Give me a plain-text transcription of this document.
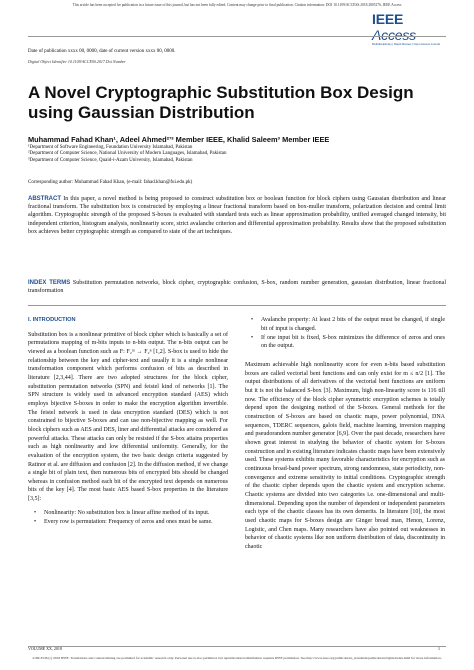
This article has been accepted for publication in a future issue of this journal, but has not been fully edited. Content may change prior to final publication. Citation information: DOI 10.1109/ACCESS.2018.2805176, IEEE Access
IEEE Access
Multidisciplinary | Rapid Review | Open Access Journal
Date of publication xxxx 00, 0000, date of current version xxxx 00, 0000.
Digital Object Identifier 10.1109/ACCESS.2017.Doi Number
A Novel Cryptographic Substitution Box Design using Gaussian Distribution
Muhammad Fahad Khan¹, Adeel Ahmed²ʼ³ Member IEEE, Khalid Saleem³ Member IEEE
¹Department of Software Engineering, Foundation University Islamabad, Pakistan
²Department of Computer Science, National University of Modern Languages, Islamabad, Pakistan
³Department of Computer Science, Quaid-i-Azam University, Islamabad, Pakistan
Corresponding author: Muhammad Fahad Khan, (e-mail: fahad.khan@fui.edu.pk)
ABSTRACT In this paper, a novel method is being proposed to construct substitution box or boolean function for block ciphers using Gaussian distribution and linear fractional transform. The substitution box is constructed by employing a linear fractional transform based on box-muller transform, polarization decision and central limit algorithm. Cryptographic strength of the proposed S-boxes is evaluated with standard tests such as linear approximation probability, unified averaged changed intensity, bit independent criterion, histogram analysis, nonlinearity score, strict avalanche criterion and differential approximation probability. Results show that the proposed substitution box achieves better cryptographic strength as compared to state of the art techniques.
INDEX TERMS Substitution permutation networks, block cipher, cryptographic confusion, S-box, random number generation, gaussian distribution, linear fractional transformation
I. INTRODUCTION

Substitution box is a nonlinear primitive of block cipher which is basically a set of permutations mapping of m-bits inputs to n-bits output. The n-bits output can be viewed as a boolean function such as F: F₂ᵐ → F₂ⁿ [1,2]. S-box is used to hide the relationship between the key and cipher-text and usually it is a single nonlinear transformation component which performs confusion of bits as described in literature [2,3,44]. There are two adopted structures for the block cipher, substitution permutation networks (SPN) and feistel kind of networks [1]. The SPN structure is widely used in advanced encryption standard (AES) which employs bijective S-boxes in order to make the encryption algorithm invertible. The feistel network is used in data encryption standard (DES) which is not constrained to bijective S-boxes and can use non-bijective mapping as well. For block ciphers such as AES and DES, liner and differential attacks are considered as powerful attacks. These attacks can only be resisted if the S-box attains properties such as high nonlinearity and low differential uniformity. Generally, for the evaluation of the encryption system, the two basic design criteria suggested by Ratinor et al. are diffusion and confusion [2]. In the diffusion method, if we change a single bit of plain text, then numerous bits of encrypted bits should be changed whereas in confusion method each bit of the encrypted text depends on numerous bits of the key [4]. The most basic AES based S-box properties in the literature [3,5]:

• Nonlinearity: No substitution box is linear affine method of its input.
• Every row is permutation: Frequency of zeros and ones must be same.
• Avalanche property: At least 2 bits of the output must be changed, if single bit of input is changed.
• If one input bit is fixed, S-box minimizes the difference of zeros and ones on the output.

Maximum achievable high nonlinearity score for even n-bits based substitution boxes are called vectorial bent functions and can only exist for m ≤ n/2 [1]. The output distributions of all derivatives of the vectorial bent functions are uniform but it is not the balanced S-box [3]. Maximum, high non-linearity score is 116 till now. The efficiency of the block cipher symmetric encryption schemes is totally depend upon the designing method of the S-boxes. General methods for the construction of S-boxes are based on chaotic maps, power polynomial, DNA sequences, TDERC sequences, galois field, machine learning, inversion mapping and pseudorandom number generator [6,9]. Over the past decade, researchers have shown great interest in studying the behavior of chaotic system for S-boxes construction and in existing literature indicates chaotic maps have been extensively used. These systems exhibits many favorable characteristics for encryption such as continuous broad-band power spectrum, strong randomness, state periodicity, non-convergence and extreme sensitivity to initial conditions. Cryptographic strength of the chaotic cipher depends upon the chaotic system and encryption scheme. Chaotic systems are divided into two categories i.e. one-dimensional and multi-dimensional. Depending upon the number of dependent or independent parameters each type of the chaotic classes has its own demerits. In literature [10], the most used chaotic maps for S-boxes design are Ginger bread man, Henon, Lorenz, Logistic, and Chen maps. Many researchers have also pointed out weaknesses in behavior of chaotic systems like non uniform distribution of data, discontinuity in chaotic

VOLUME XX, 2018	1
2169-3536 (c) 2018 IEEE. Translations and content mining are permitted for academic research only. Personal use is also permitted, but republication/redistribution requires IEEE permission. See http://www.ieee.org/publications_standards/publications/rights/index.html for more information.
